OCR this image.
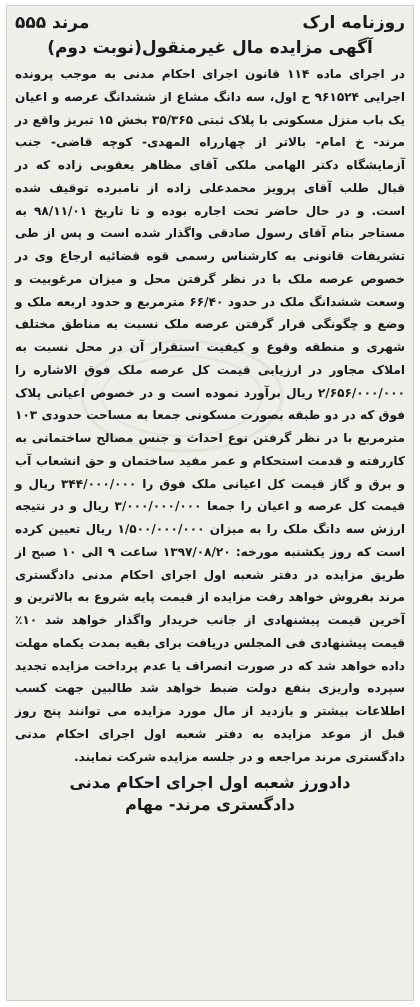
روزنامه ارک
مرند ۵۵۵
آگهی مزایده مال غیرمنقول(نوبت دوم)
در اجرای ماده ۱۱۴ قانون اجرای احکام مدنی به موجب پرونده اجرایی ۹۶۱۵۲۴ ح اول، سه دانگ مشاع از ششدانگ عرصه و اعیان یک باب منزل مسکونی با پلاک ثبتی ۳۵/۳۶۵ بخش ۱۵ تبریز واقع در مرند- خ امام- بالاتر از چهارراه المهدی- کوچه قاضی- جنب آزمایشگاه دکتر الهامی ملکی آقای مظاهر یعقوبی زاده که در قبال طلب آقای پرویز محمدعلی زاده از نامبرده توقیف شده است. و در حال حاضر تحت اجاره بوده و تا تاریخ ۹۸/۱۱/۰۱ به مستاجر بنام آقای رسول صادقی واگذار شده است و پس از طی تشریفات قانونی به کارشناس رسمی قوه قضائیه ارجاع وی در خصوص عرصه ملک با در نظر گرفتن محل و میزان مرغوبیت و وسعت ششدانگ ملک در حدود ۶۶/۴۰ مترمربع و حدود اربعه ملک و وضع و چگونگی قرار گرفتن عرصه ملک نسبت به مناطق مختلف شهری و منطقه وقوع و کیفیت استقرار آن در محل نسبت به املاک مجاور در ارزیابی قیمت کل عرصه ملک فوق الاشاره را ۲/۶۵۶/۰۰۰/۰۰۰ ریال برآورد نموده است و در خصوص اعیانی پلاک فوق که در دو طبقه بصورت مسکونی جمعا به مساحت حدودی ۱۰۳ مترمربع با در نظر گرفتن نوع احداث و جنس مصالح ساختمانی به کاررفته و قدمت استحکام و عمر مفید ساختمان و حق انشعاب آب و برق و گاز قیمت کل اعیانی ملک فوق را ۳۴۴/۰۰۰/۰۰۰ ریال و قیمت کل عرصه و اعیان را جمعا ۳/۰۰۰/۰۰۰/۰۰۰ ریال و در نتیجه ارزش سه دانگ ملک را به میزان ۱/۵۰۰/۰۰۰/۰۰۰ ریال تعیین کرده است که روز یکشنبه مورخه: ۱۳۹۷/۰۸/۲۰ ساعت ۹ الی ۱۰ صبح از طریق مزایده در دفتر شعبه اول اجرای احکام مدنی دادگستری مرند بفروش خواهد رفت مزایده از قیمت پایه شروع به بالاترین و آخرین قیمت پیشنهادی از جانب خریدار واگذار خواهد شد ۱۰٪ قیمت پیشنهادی فی المجلس دریافت برای بقیه بمدت یکماه مهلت داده خواهد شد که در صورت انصراف یا عدم پرداخت مزایده تجدید سپرده واریزی بنفع دولت ضبط خواهد شد طالبین جهت کسب اطلاعات بیشتر و بازدید از مال مورد مزایده می توانند پنج روز قبل از موعد مزایده به دفتر شعبه اول اجرای احکام مدنی دادگستری مرند مراجعه و در جلسه مزایده شرکت نمایند.
دادورز شعبه اول اجرای احکام مدنی
دادگستری مرند- مهام
